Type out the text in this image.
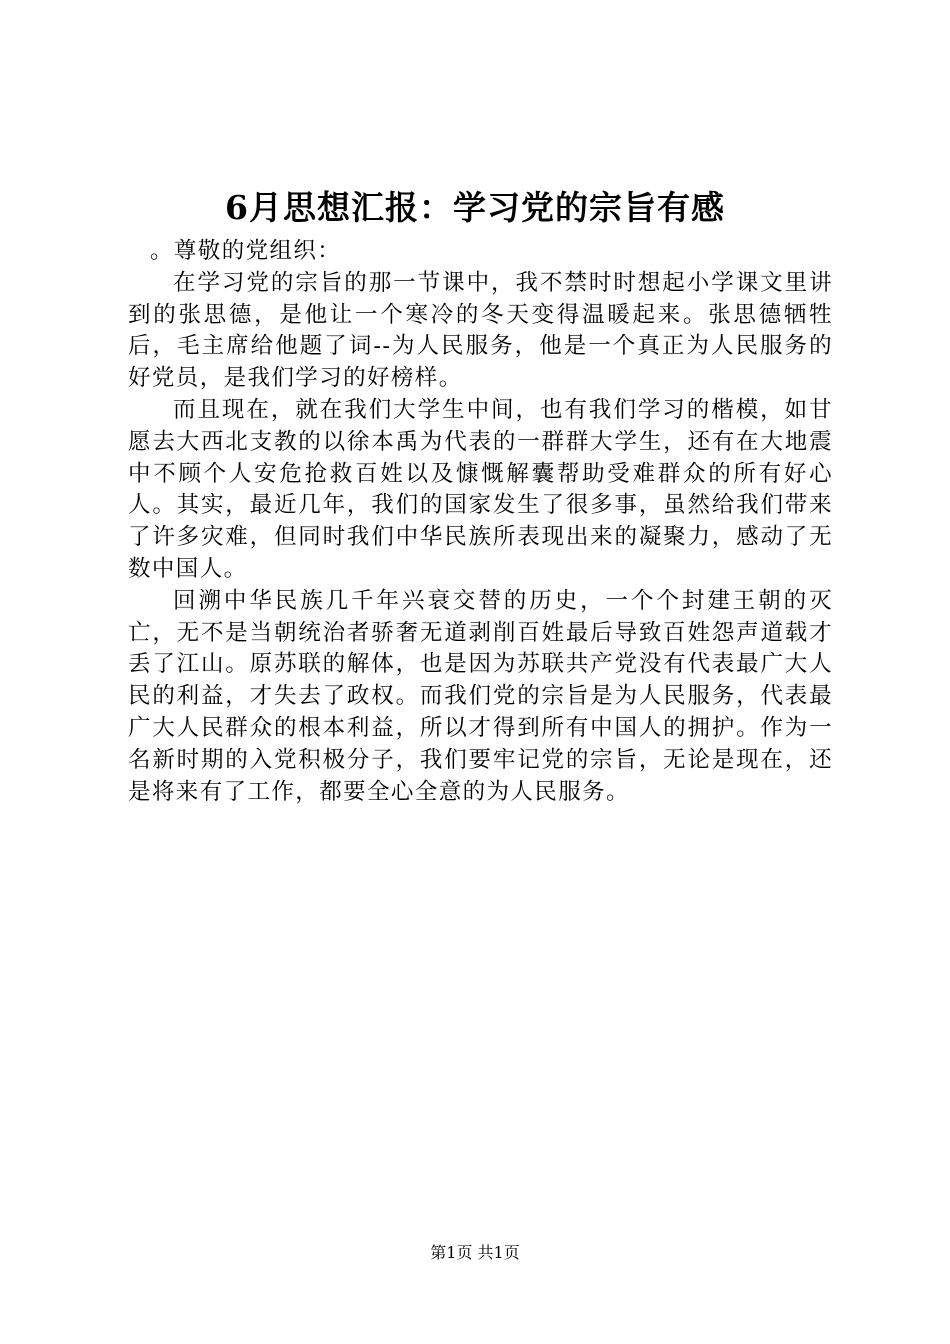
6月思想汇报：学习党的宗旨有感

。尊敬的党组织：

在学习党的宗旨的那一节课中，我不禁时时想起小学课文里讲到的张思德，是他让一个寒冷的冬天变得温暖起来。张思德牺牲后，毛主席给他题了词--为人民服务，他是一个真正为人民服务的好党员，是我们学习的好榜样。

而且现在，就在我们大学生中间，也有我们学习的楷模，如甘愿去大西北支教的以徐本禹为代表的一群群大学生，还有在大地震中不顾个人安危抢救百姓以及慷慨解囊帮助受难群众的所有好心人。其实，最近几年，我们的国家发生了很多事，虽然给我们带来了许多灾难，但同时我们中华民族所表现出来的凝聚力，感动了无数中国人。

回溯中华民族几千年兴衰交替的历史，一个个封建王朝的灭亡，无不是当朝统治者骄奢无道剥削百姓最后导致百姓怨声道载才丢了江山。原苏联的解体，也是因为苏联共产党没有代表最广大人民的利益，才失去了政权。而我们党的宗旨是为人民服务，代表最广大人民群众的根本利益，所以才得到所有中国人的拥护。作为一名新时期的入党积极分子，我们要牢记党的宗旨，无论是现在，还是将来有了工作，都要全心全意的为人民服务。

第1页 共1页
